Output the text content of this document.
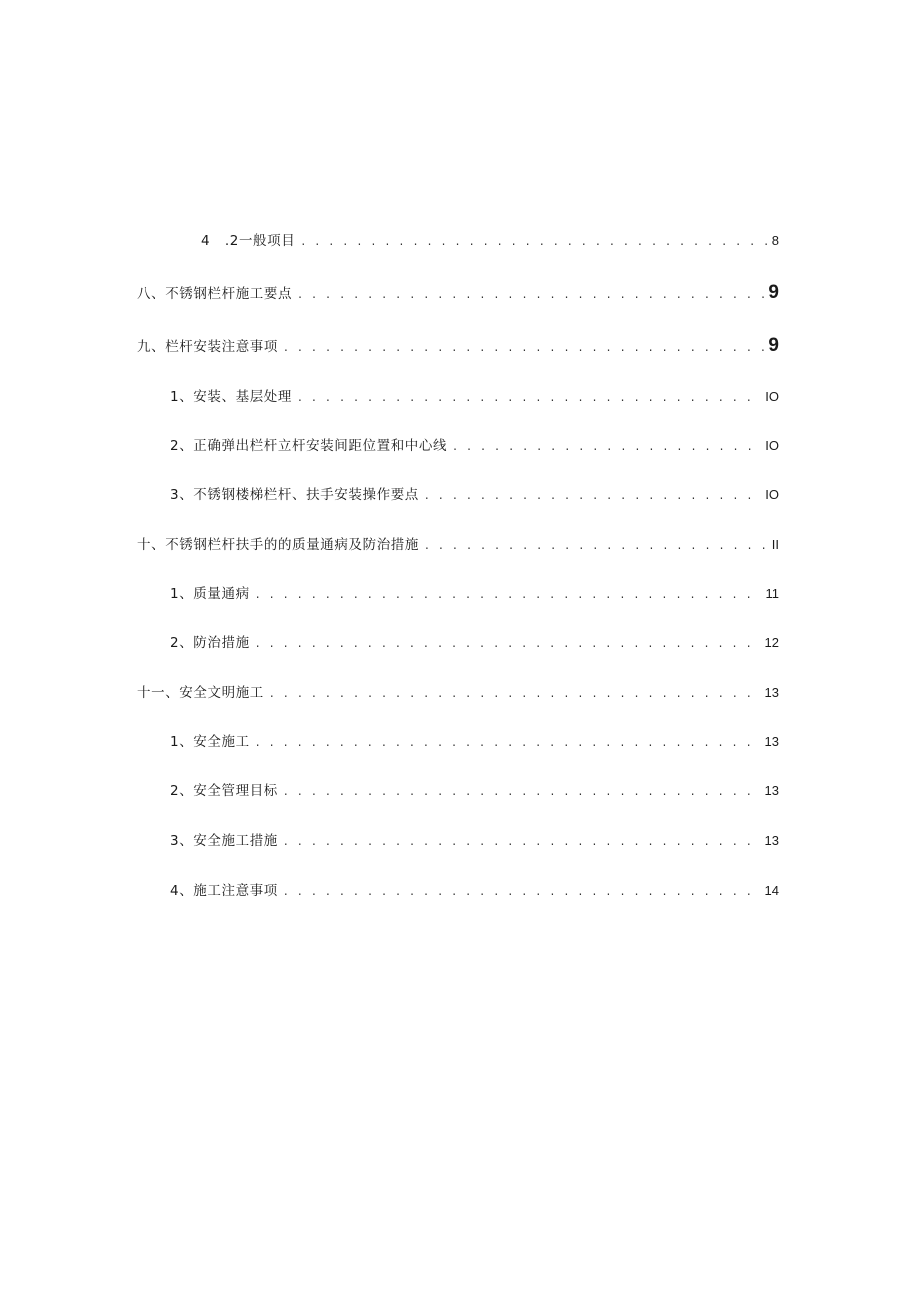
4   .2一般项目 . . .	8
八、不锈钢栏杆施工要点 . . .	9
九、栏杆安装注意事项 . . .	9
1、安装、基层处理 . . .	IO
2、正确弹出栏杆立杆安装间距位置和中心线 . . .	IO
3、不锈钢楼梯栏杆、扶手安装操作要点 . . .	IO
十、不锈钢栏杆扶手的的质量通病及防治措施 . . .	II
1、质量通病 . . .	11
2、防治措施 . . .	12
十一、安全文明施工 . . .	13
1、安全施工 . . .	13
2、安全管理目标 . . .	13
3、安全施工措施 . . .	13
4、施工注意事项 . . .	14
